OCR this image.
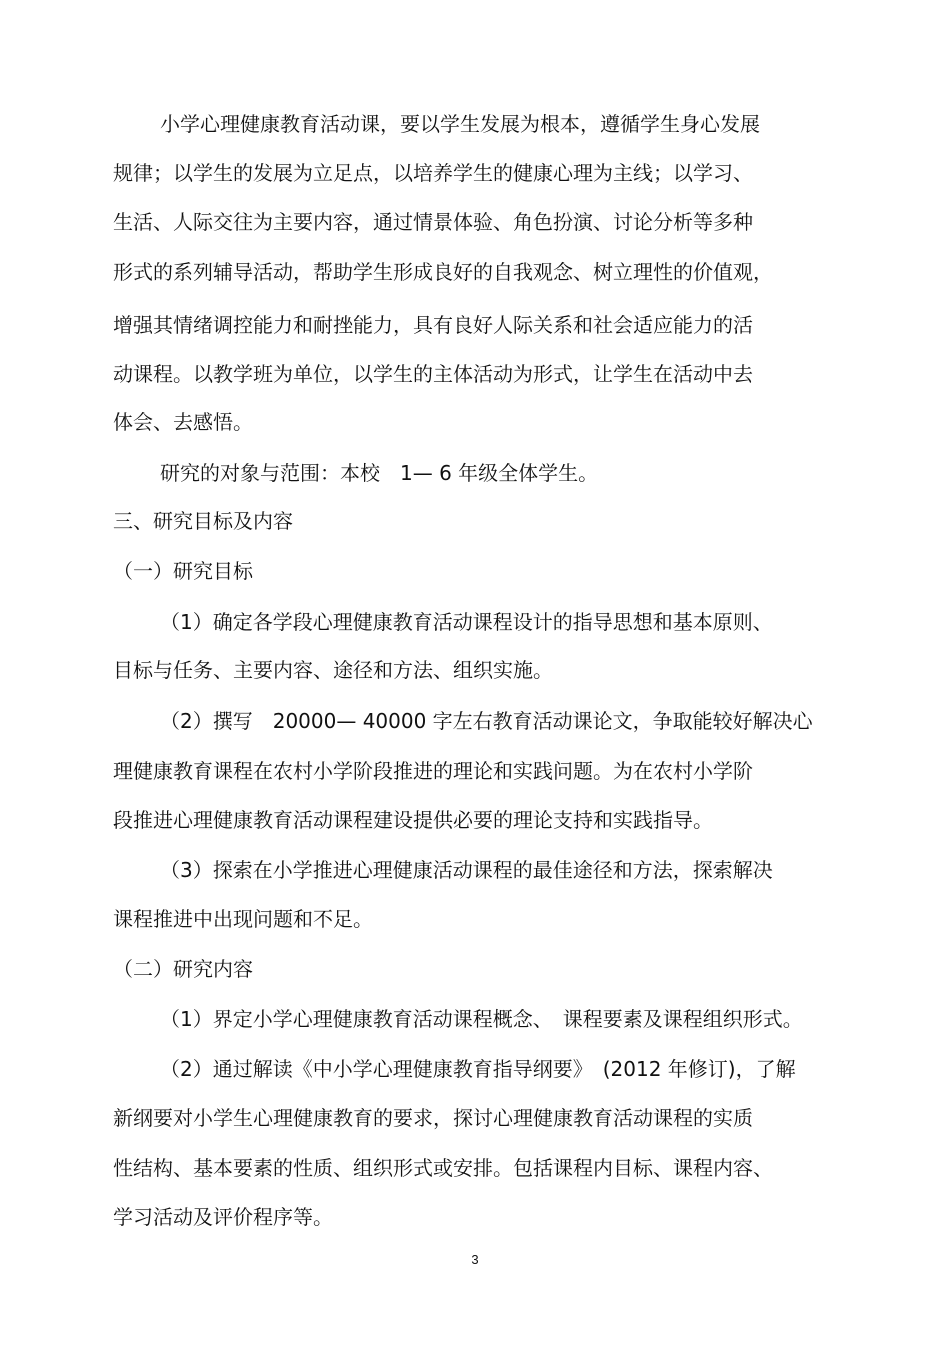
小学心理健康教育活动课，要以学生发展为根本，遵循学生身心发展
规律；以学生的发展为立足点，以培养学生的健康心理为主线；以学习、
生活、人际交往为主要内容，通过情景体验、角色扮演、讨论分析等多种
形式的系列辅导活动，帮助学生形成良好的自我观念、树立理性的价值观，
增强其情绪调控能力和耐挫能力，具有良好人际关系和社会适应能力的活
动课程。以教学班为单位，以学生的主体活动为形式，让学生在活动中去
体会、去感悟。
研究的对象与范围：本校　1— 6 年级全体学生。
三、研究目标及内容
（一）研究目标
（1）确定各学段心理健康教育活动课程设计的指导思想和基本原则、
目标与任务、主要内容、途径和方法、组织实施。
（2）撰写　20000— 40000 字左右教育活动课论文，争取能较好解决心
理健康教育课程在农村小学阶段推进的理论和实践问题。为在农村小学阶
段推进心理健康教育活动课程建设提供必要的理论支持和实践指导。
（3）探索在小学推进心理健康活动课程的最佳途径和方法，探索解决
课程推进中出现问题和不足。
（二）研究内容
（1）界定小学心理健康教育活动课程概念、　课程要素及课程组织形式。
（2）通过解读《中小学心理健康教育指导纲要》　(2012 年修订)，了解
新纲要对小学生心理健康教育的要求，探讨心理健康教育活动课程的实质
性结构、基本要素的性质、组织形式或安排。包括课程内目标、课程内容、
学习活动及评价程序等。
3
